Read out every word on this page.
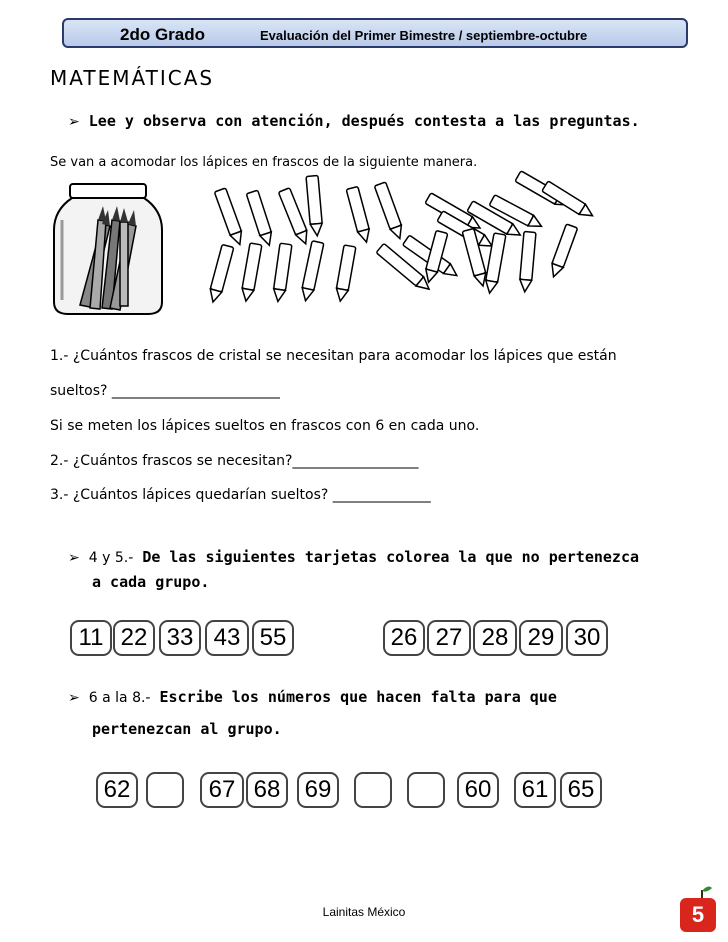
2do Grado	Evaluación del Primer Bimestre / septiembre-octubre
MATEMÁTICAS
➢ Lee y observa con atención, después contesta a las preguntas.
Se van a acomodar los lápices en frascos de la siguiente manera.
1.- ¿Cuántos frascos de cristal se necesitan para acomodar los lápices que están
sueltos? ________________________
Si se meten los lápices sueltos en frascos con 6 en cada uno.
2.- ¿Cuántos frascos se necesitan?__________________
3.- ¿Cuántos lápices quedarían sueltos? ______________
➢ 4 y 5.- De las siguientes tarjetas colorea la que no pertenezca
a cada grupo.
11 22 33 43 55	26 27 28 29 30
➢ 6 a la 8.- Escribe los números que hacen falta para que
pertenezcan al grupo.
62	67 68	69	60	61 65
Lainitas México	5
